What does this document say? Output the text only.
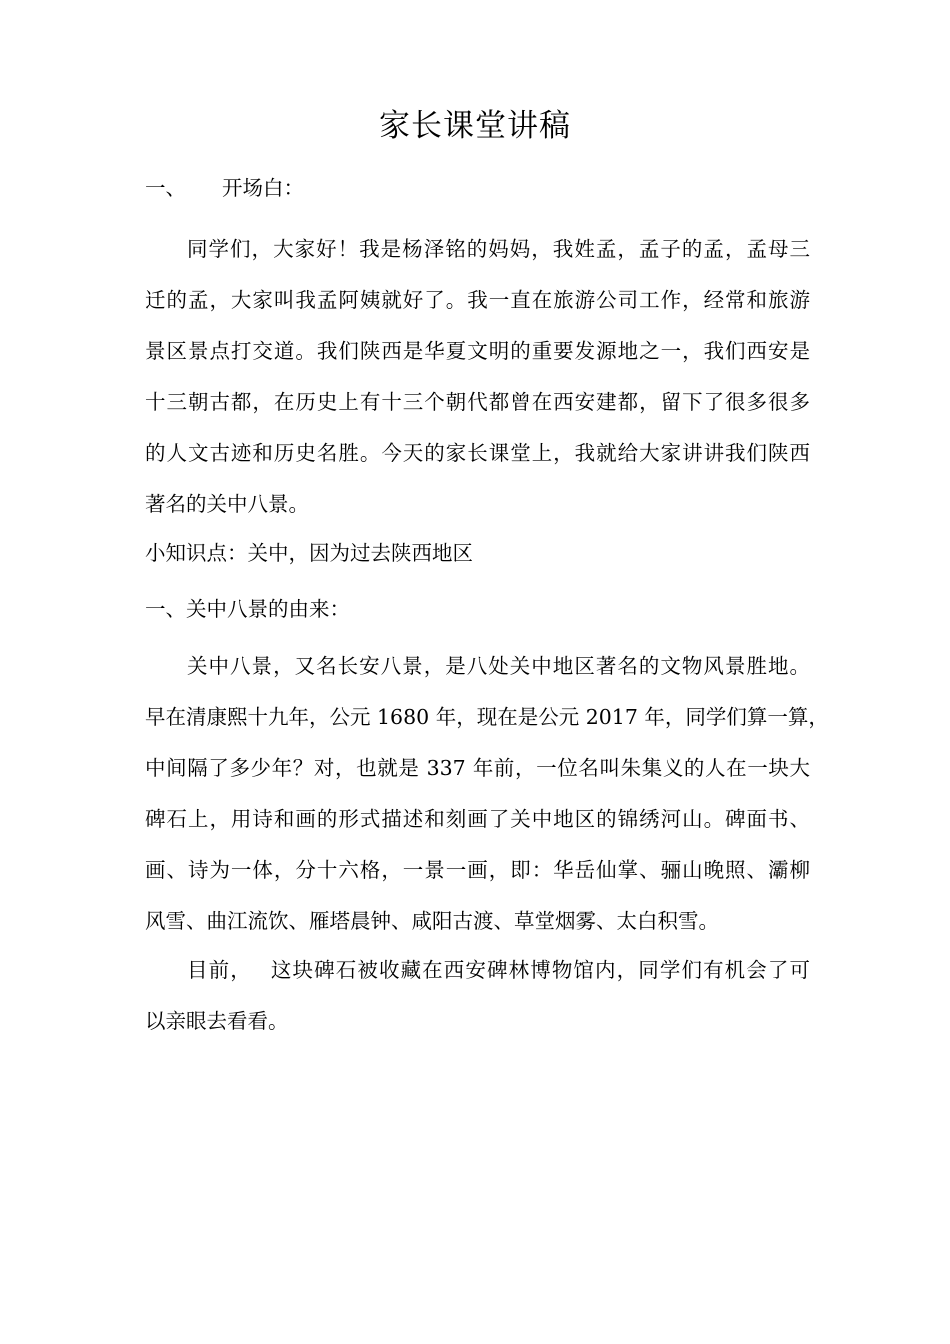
家长课堂讲稿

一、 开场白：

同学们，大家好！我是杨泽铭的妈妈，我姓孟，孟子的孟，孟母三
迁的孟，大家叫我孟阿姨就好了。我一直在旅游公司工作，经常和旅游
景区景点打交道。我们陕西是华夏文明的重要发源地之一，我们西安是
十三朝古都，在历史上有十三个朝代都曾在西安建都，留下了很多很多
的人文古迹和历史名胜。今天的家长课堂上，我就给大家讲讲我们陕西
著名的关中八景。

小知识点：关中，因为过去陕西地区

一、关中八景的由来：

关中八景，又名长安八景，是八处关中地区著名的文物风景胜地。
早在清康熙十九年，公元 1680 年，现在是公元 2017 年，同学们算一算，
中间隔了多少年？对，也就是 337 年前，一位名叫朱集义的人在一块大
碑石上，用诗和画的形式描述和刻画了关中地区的锦绣河山。碑面书、
画、诗为一体，分十六格，一景一画，即：华岳仙掌、骊山晚照、灞柳
风雪、曲江流饮、雁塔晨钟、咸阳古渡、草堂烟雾、太白积雪。
目前， 这块碑石被收藏在西安碑林博物馆内，同学们有机会了可
以亲眼去看看。
